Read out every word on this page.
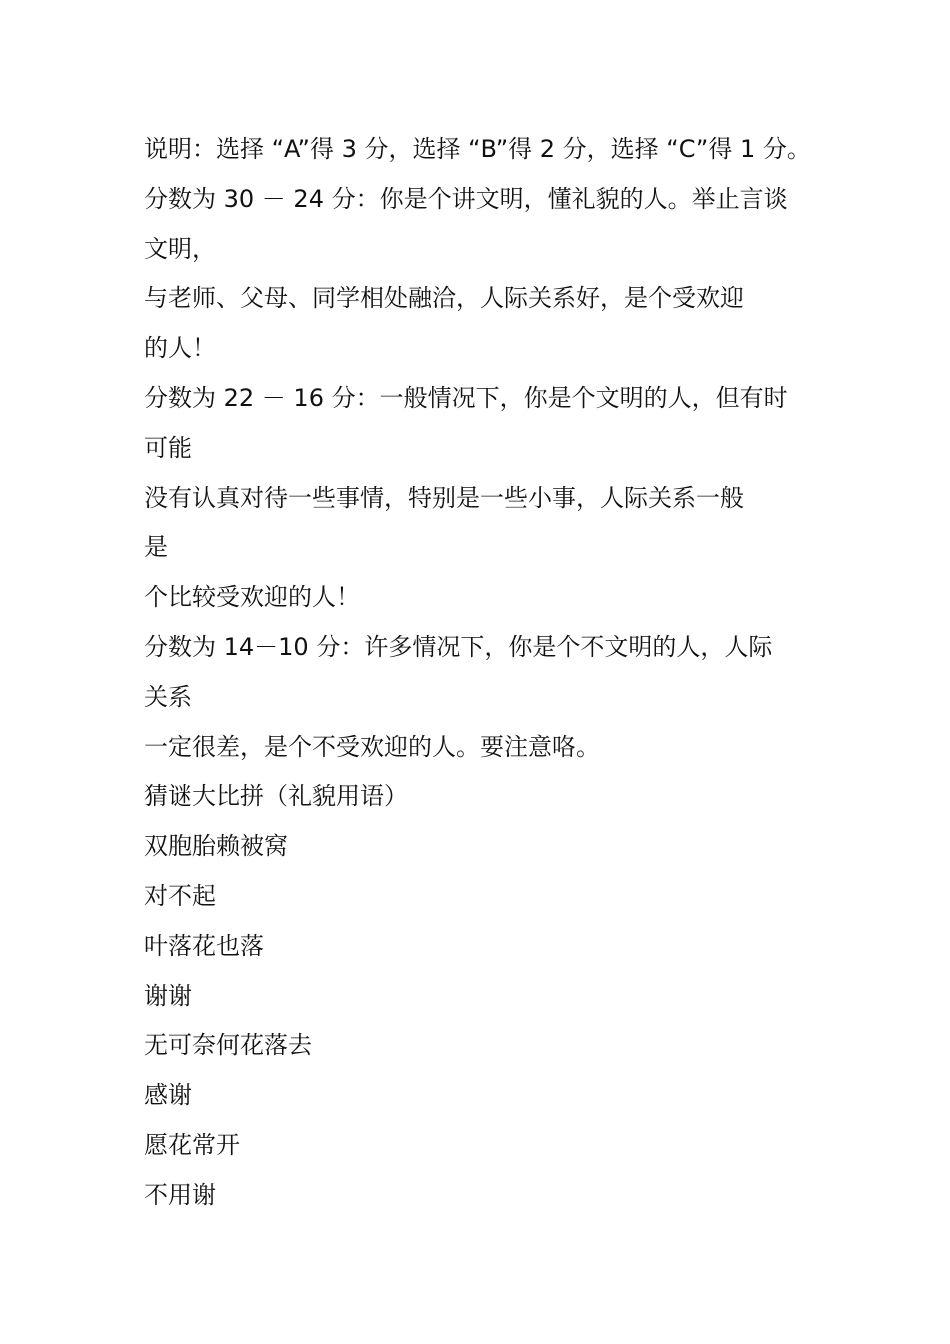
说明：选择 “A”得 3 分，选择 “B”得 2 分，选择 “C”得 1 分。
分数为 30 － 24 分：你是个讲文明，懂礼貌的人。举止言谈
文明，
与老师、父母、同学相处融洽，人际关系好，是个受欢迎
的人！
分数为 22 － 16 分：一般情况下，你是个文明的人，但有时
可能
没有认真对待一些事情，特别是一些小事，人际关系一般
是
个比较受欢迎的人！
分数为 14－10 分：许多情况下，你是个不文明的人，人际
关系
一定很差，是个不受欢迎的人。要注意咯。
猜谜大比拼（礼貌用语）
双胞胎赖被窝
对不起
叶落花也落
谢谢
无可奈何花落去
感谢
愿花常开
不用谢
